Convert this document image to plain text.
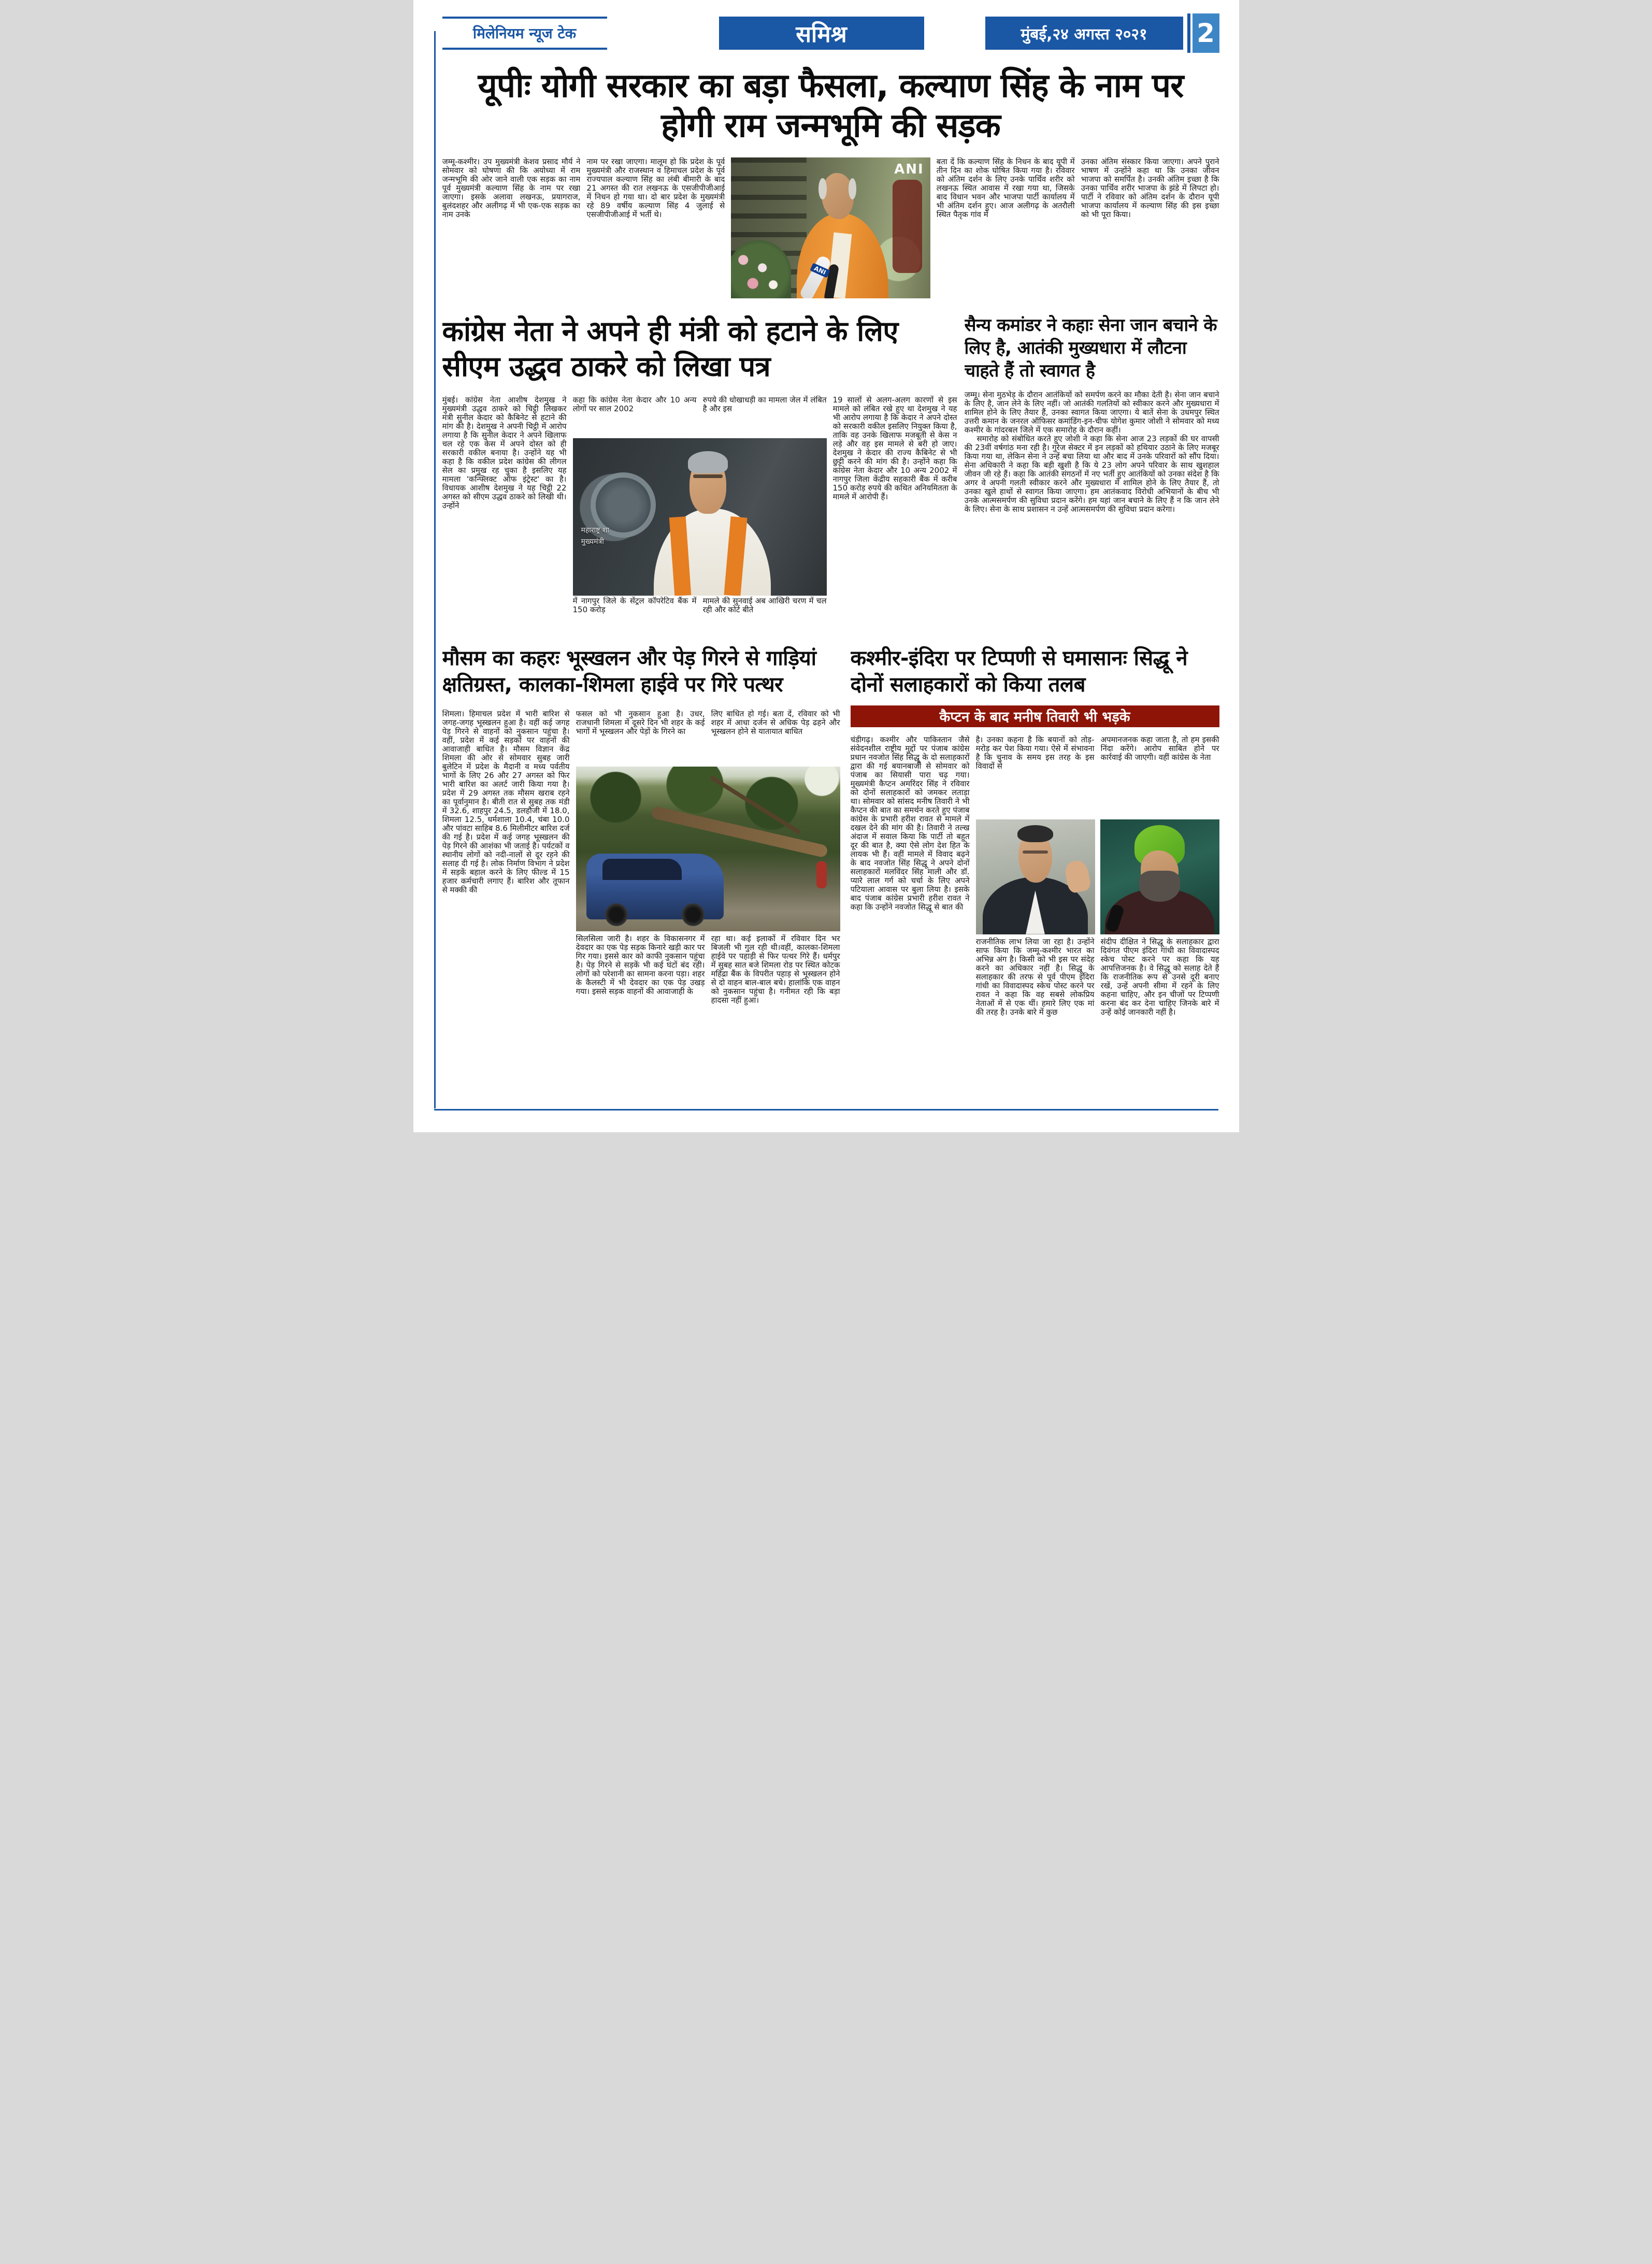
मिलेनियम न्यूज टेक	समिश्र	मुंबई,२४ अगस्त २०२१	2
यूपीः योगी सरकार का बड़ा फैसला, कल्याण सिंह के नाम पर होगी राम जन्मभूमि की सड़क

जम्मू-कश्मीर। उप मुख्यमंत्री केशव प्रसाद मौर्य ने सोमवार को घोषणा की कि अयोध्या में राम जन्मभूमि की ओर जाने वाली एक सड़क का नाम पूर्व मुख्यमंत्री कल्याण सिंह के नाम पर रखा जाएगा। इसके अलावा लखनऊ, प्रयागराज, बुलंदशहर और अलीगढ़ में भी एक-एक सड़क का नाम उनके

नाम पर रखा जाएगा। मालूम हो कि प्रदेश के पूर्व मुख्यमंत्री और राजस्थान व हिमाचल प्रदेश के पूर्व राज्यपाल कल्याण सिंह का लंबी बीमारी के बाद 21 अगस्त की रात लखनऊ के एसजीपीजीआई में निधन हो गया था। दो बार प्रदेश के मुख्यमंत्री रहे 89 वर्षीय कल्याण सिंह 4 जुलाई से एसजीपीजीआई में भर्ती थे।

ANI
ANI

बता दें कि कल्याण सिंह के निधन के बाद यूपी में तीन दिन का शोक घोषित किया गया है। रविवार को अंतिम दर्शन के लिए उनके पार्थिव शरीर को लखनऊ स्थित आवास में रखा गया था, जिसके बाद विधान भवन और भाजपा पार्टी कार्यालय में भी अंतिम दर्शन हुए। आज अलीगढ़ के अतरौली स्थित पैतृक गांव में

उनका अंतिम संस्कार किया जाएगा। अपने पुराने भाषण में उन्होंने कहा था कि उनका जीवन भाजपा को समर्पित है। उनकी अंतिम इच्छा है कि उनका पार्थिव शरीर भाजपा के झंडे में लिपटा हो। पार्टी ने रविवार को अंतिम दर्शन के दौरान यूपी भाजपा कार्यालय में कल्याण सिंह की इस इच्छा को भी पूरा किया।

कांग्रेस नेता ने अपने ही मंत्री को हटाने के लिए सीएम उद्धव ठाकरे को लिखा पत्र

मुंबई। कांग्रेस नेता आशीष देशमुख ने मुख्यमंत्री उद्धव ठाकरे को चिट्ठी लिखकर मंत्री सुनील केदार को कैबिनेट से हटाने की मांग की है। देशमुख ने अपनी चिट्ठी में आरोप लगाया है कि सुनील केदार ने अपने खिलाफ चल रहे एक केस में अपने दोस्त को ही सरकारी वकील बनाया है। उन्होंने यह भी कहा है कि वकील प्रदेश कांग्रेस की लीगल सेल का प्रमुख रह चुका है इसलिए यह मामला 'कन्फ्लिक्ट ऑफ इंट्रेस्ट' का है। विधायक आशीष देशमुख ने यह चिट्ठी 22 अगस्त को सीएम उद्धव ठाकरे को लिखी थी। उन्होंने

कहा कि कांग्रेस नेता केदार और 10 अन्य लोगों पर साल 2002

रुपये की धोखाधड़ी का मामला जेल में लंबित है और इस

महाराष्ट्र शा
मुख्यमंत्री

में नागपुर जिले के सेंट्रल कॉपरेटिव बैंक में 150 करोड़

मामले की सुनवाई अब आखिरी चरण में चल रही और कोर्ट बीते

19 सालों से अलग-अलग कारणों से इस मामले को लंबित रखे हुए था देशमुख ने यह भी आरोप लगाया है कि केदार ने अपने दोस्त को सरकारी वकील इसलिए नियुक्त किया है, ताकि वह उनके खिलाफ मजबूती से केस न लड़े और वह इस मामले से बरी हो जाए। देशमुख ने केदार की राज्य कैबिनेट से भी छुट्टी करने की मांग की है। उन्होंने कहा कि कांग्रेस नेता केदार और 10 अन्य 2002 में नागपुर जिला केंद्रीय सहकारी बैंक में करीब 150 करोड़ रुपये की कथित अनियमितता के मामले में आरोपी हैं।

सैन्य कमांडर ने कहाः सेना जान बचाने के लिए है, आतंकी मुख्यधारा में लौटना चाहते हैं तो स्वागत है

जम्मू। सेना मुठभेड़ के दौरान आतंकियों को समर्पण करने का मौका देती है। सेना जान बचाने के लिए है, जान लेने के लिए नहीं। जो आतंकी गलतियों को स्वीकार करने और मुख्यधारा में शामिल होने के लिए तैयार हैं, उनका स्वागत किया जाएगा। ये बातें सेना के उधमपुर स्थित उत्तरी कमान के जनरल ऑफिसर कमांडिंग-इन-चीफ योगेश कुमार जोशी ने सोमवार को मध्य कश्मीर के गांदरबल जिले में एक समारोह के दौरान कहीं।

समारोह को संबोधित करते हुए जोशी ने कहा कि सेना आज 23 लड़कों की घर वापसी की 23वीं वर्षगांठ मना रही है। गुरेज सेक्टर में इन लड़कों को हथियार उठाने के लिए मजबूर किया गया था, लेकिन सेना ने उन्हें बचा लिया था और बाद में उनके परिवारों को सौंप दिया। सेना अधिकारी ने कहा कि बड़ी खुशी है कि ये 23 लोग अपने परिवार के साथ खुशहाल जीवन जी रहे हैं। कहा कि आतंकी संगठनों में नए भर्ती हुए आतंकियों को उनका संदेश है कि अगर वे अपनी गलती स्वीकार करने और मुख्यधारा में शामिल होने के लिए तैयार हैं, तो उनका खुले हाथों से स्वागत किया जाएगा। हम आतंकवाद विरोधी अभियानों के बीच भी उनके आत्मसमर्पण की सुविधा प्रदान करेंगे। हम यहां जान बचाने के लिए हैं न कि जान लेने के लिए। सेना के साथ प्रशासन न उन्हें आत्मसमर्पण की सुविधा प्रदान करेगा।

मौसम का कहरः भूस्खलन और पेड़ गिरने से गाड़ियां क्षतिग्रस्त, कालका-शिमला हाईवे पर गिरे पत्थर

शिमला। हिमाचल प्रदेश में भारी बारिश से जगह-जगह भूस्खलन हुआ है। वहीं कई जगह पेड़ गिरने से वाहनों को नुकसान पहुंचा है। वहीं, प्रदेश में कई सड़कों पर वाहनों की आवाजाही बाधित है। मौसम विज्ञान केंद्र शिमला की ओर से सोमवार सुबह जारी बुलेटिन में प्रदेश के मैदानी व मध्य पर्वतीय भागों के लिए 26 और 27 अगस्त को फिर भारी बारिश का अलर्ट जारी किया गया है। प्रदेश में 29 अगस्त तक मौसम खराब रहने का पूर्वानुमान है। बीती रात से सुबह तक मंडी में 32.6, शाहपुर 24.5, डलहौजी में 18.0, शिमला 12.5, धर्मशाला 10.4, चंबा 10.0 और पांवटा साहिब 8.6 मिलीमीटर बारिश दर्ज की गई है। प्रदेश में कई जगह भूस्खलन की पेड़ गिरने की आशंका भी जताई है। पर्यटकों व स्थानीय लोगों को नदी-नालों से दूर रहने की सलाह दी गई है। लोक निर्माण विभाग ने प्रदेश में सड़कें बहाल करने के लिए फील्ड में 15 हजार कर्मचारी लगाए हैं। बारिश और तूफान से मक्की की

फसल को भी नुकसान हुआ है। उधर, राजधानी शिमला में दूसरे दिन भी शहर के कई भागों में भूस्खलन और पेड़ों के गिरने का

लिए बाधित हो गई। बता दें, रविवार को भी शहर में आधा दर्जन से अधिक पेड़ ढहने और भूस्खलन होने से यातायात बाधित

सिलसिला जारी है। शहर के विकासनगर में देवदार का एक पेड़ सड़क किनारे खड़ी कार पर गिर गया। इससे कार को काफी नुकसान पहुंचा है। पेड़ गिरने से सड़कें भी कई घंटों बंद रही। लोगों को परेशानी का सामना करना पड़ा। शहर के कैलस्टी में भी देवदार का एक पेड़ उखड़ गया। इससे सड़क वाहनों की आवाजाही के

रहा था। कई इलाकों में रविवार दिन भर बिजली भी गुल रही थी।वहीं, कालका-शिमला हाईवे पर पहाड़ी से फिर पत्थर गिरे हैं। धर्मपुर में सुबह सात बजे शिमला रोड पर स्थित कोटक महिंद्रा बैंक के विपरीत पहाड़ से भूस्खलन होने से दो वाहन बाल-बाल बचे। हालांकि एक वाहन को नुकसान पहुंचा है। गनीमत रही कि बड़ा हादसा नहीं हुआ।

कश्मीर-इंदिरा पर टिप्पणी से घमासानः सिद्धू ने दोनों सलाहकारों को किया तलब
कैप्टन के बाद मनीष तिवारी भी भड़के

चंडीगढ़। कश्मीर और पाकिस्तान जैसे संवेदनशील राष्ट्रीय मुद्दों पर पंजाब कांग्रेस प्रधान नवजोत सिंह सिद्धू के दो सलाहकारों द्वारा की गई बयानबाजी से सोमवार को पंजाब का सियासी पारा चढ़ गया। मुख्यमंत्री कैप्टन अमरिंदर सिंह ने रविवार को दोनों सलाहकारों को जमकर लताड़ा था। सोमवार को सांसद मनीष तिवारी ने भी कैप्टन की बात का समर्थन करते हुए पंजाब कांग्रेस के प्रभारी हरीश रावत से मामले में दखल देने की मांग की है। तिवारी ने तल्ख अंदाज में सवाल किया कि पार्टी तो बहुत दूर की बात है, क्या ऐसे लोग देश हित के लायक भी हैं। वहीं मामले में विवाद बढ़ने के बाद नवजोत सिंह सिद्धू ने अपने दोनों सलाहकारों मलविंदर सिंह माली और डॉ. प्यारे लाल गर्ग को चर्चा के लिए अपने पटियाला आवास पर बुला लिया है। इसके बाद पंजाब कांग्रेस प्रभारी हरीश रावत ने कहा कि उन्होंने नवजोत सिद्धू से बात की

है। उनका कहना है कि बयानों को तोड़-मरोड़ कर पेश किया गया। ऐसे में संभावना है कि चुनाव के समय इस तरह के इस विवादों से

अपमानजनक कहा जाता है, तो हम इसकी निंदा करेंगे। आरोप साबित होने पर कार्रवाई की जाएगी। वहीं कांग्रेस के नेता

राजनीतिक लाभ लिया जा रहा है। उन्होंने साफ किया कि जम्मू-कश्मीर भारत का अभिन्न अंग है। किसी को भी इस पर संदेह करने का अधिकार नहीं है। सिद्धू के सलाहकार की तरफ से पूर्व पीएम इंदिरा गांधी का विवादास्पद स्केच पोस्ट करने पर रावत ने कहा कि वह सबसे लोकप्रिय नेताओं में से एक थीं। हमारे लिए एक मां की तरह है। उनके बारे में कुछ

संदीप दीक्षित ने सिद्धू के सलाहकार द्वारा दिवंगत पीएम इंदिरा गांधी का विवादास्पद स्केच पोस्ट करने पर कहा कि यह आपत्तिजनक है। वे सिद्धू को सलाह देते हैं कि राजनीतिक रूप से उनसे दूरी बनाए रखें, उन्हें अपनी सीमा में रहने के लिए कहना चाहिए, और इन चीजों पर टिप्पणी करना बंद कर देना चाहिए जिनके बारे में उन्हें कोई जानकारी नहीं है।
